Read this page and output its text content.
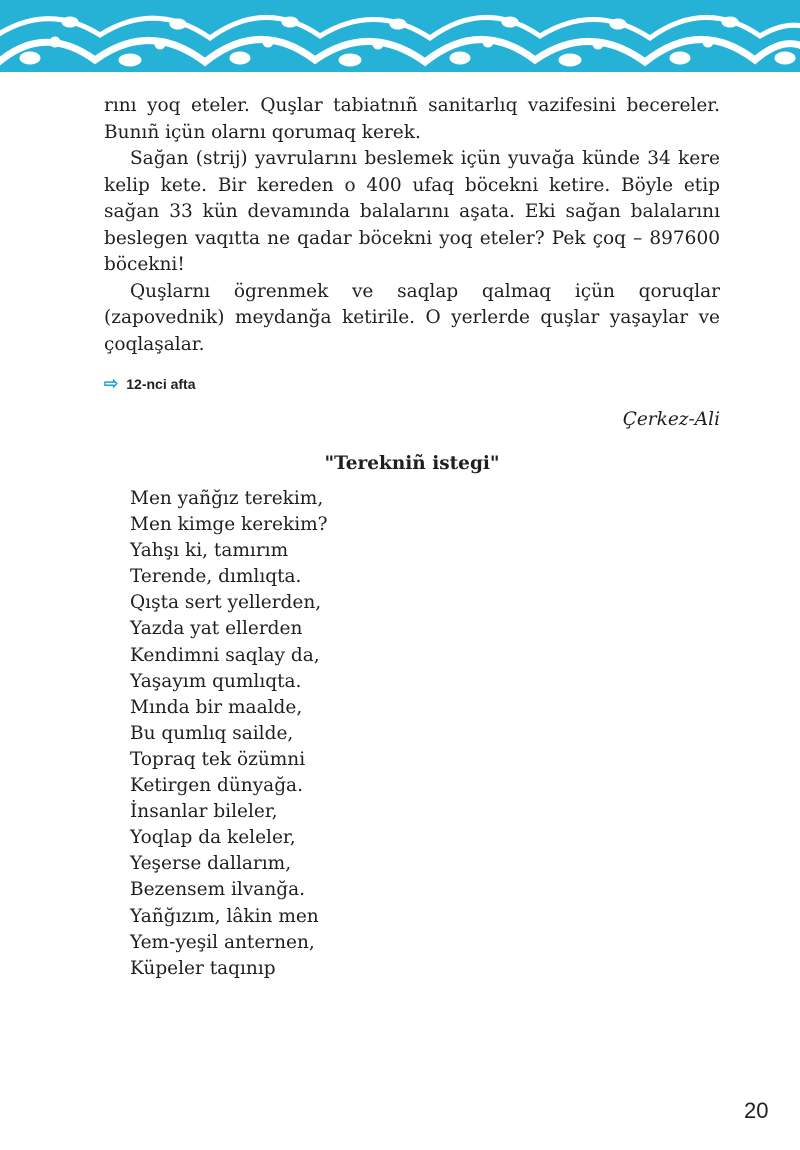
rını yoq eteler. Quşlar tabiatnıñ sanitarlıq vazifesini becereler. Bunıñ içün olarnı qorumaq kerek.

Sağan (strij) yavrularını beslemek içün yuvağa künde 34 kere kelip kete. Bir kereden o 400 ufaq böcekni ketire. Böyle etip sağan 33 kün devamında balalarını aşata. Eki sağan balalarını beslegen vaqıtta ne qadar böcekni yoq eteler? Pek çoq – 897600 böcekni!

Quşlarnı ögrenmek ve saqlap qalmaq içün qoruqlar (zapovednik) meydanğa ketirile. O yerlerde quşlar yaşaylar ve çoqlaşalar.

⇨ 12-nci afta
Çerkez-Ali
"Terekniñ istegi"
Men yañğız terekim,
Men kimge kerekim?
Yahşı ki, tamırım
Terende, dımlıqta.
Qışta sert yellerden,
Yazda yat ellerden
Kendimni saqlay da,
Yaşayım qumlıqta.
Mında bir maalde,
Bu qumlıq sailde,
Topraq tek özümni
Ketirgen dünyağa.
İnsanlar bileler,
Yoqlap da keleler,
Yeşerse dallarım,
Bezensem ilvanğa.
Yañğızım, lâkin men
Yem-yeşil anternen,
Küpeler taqınıp
20
